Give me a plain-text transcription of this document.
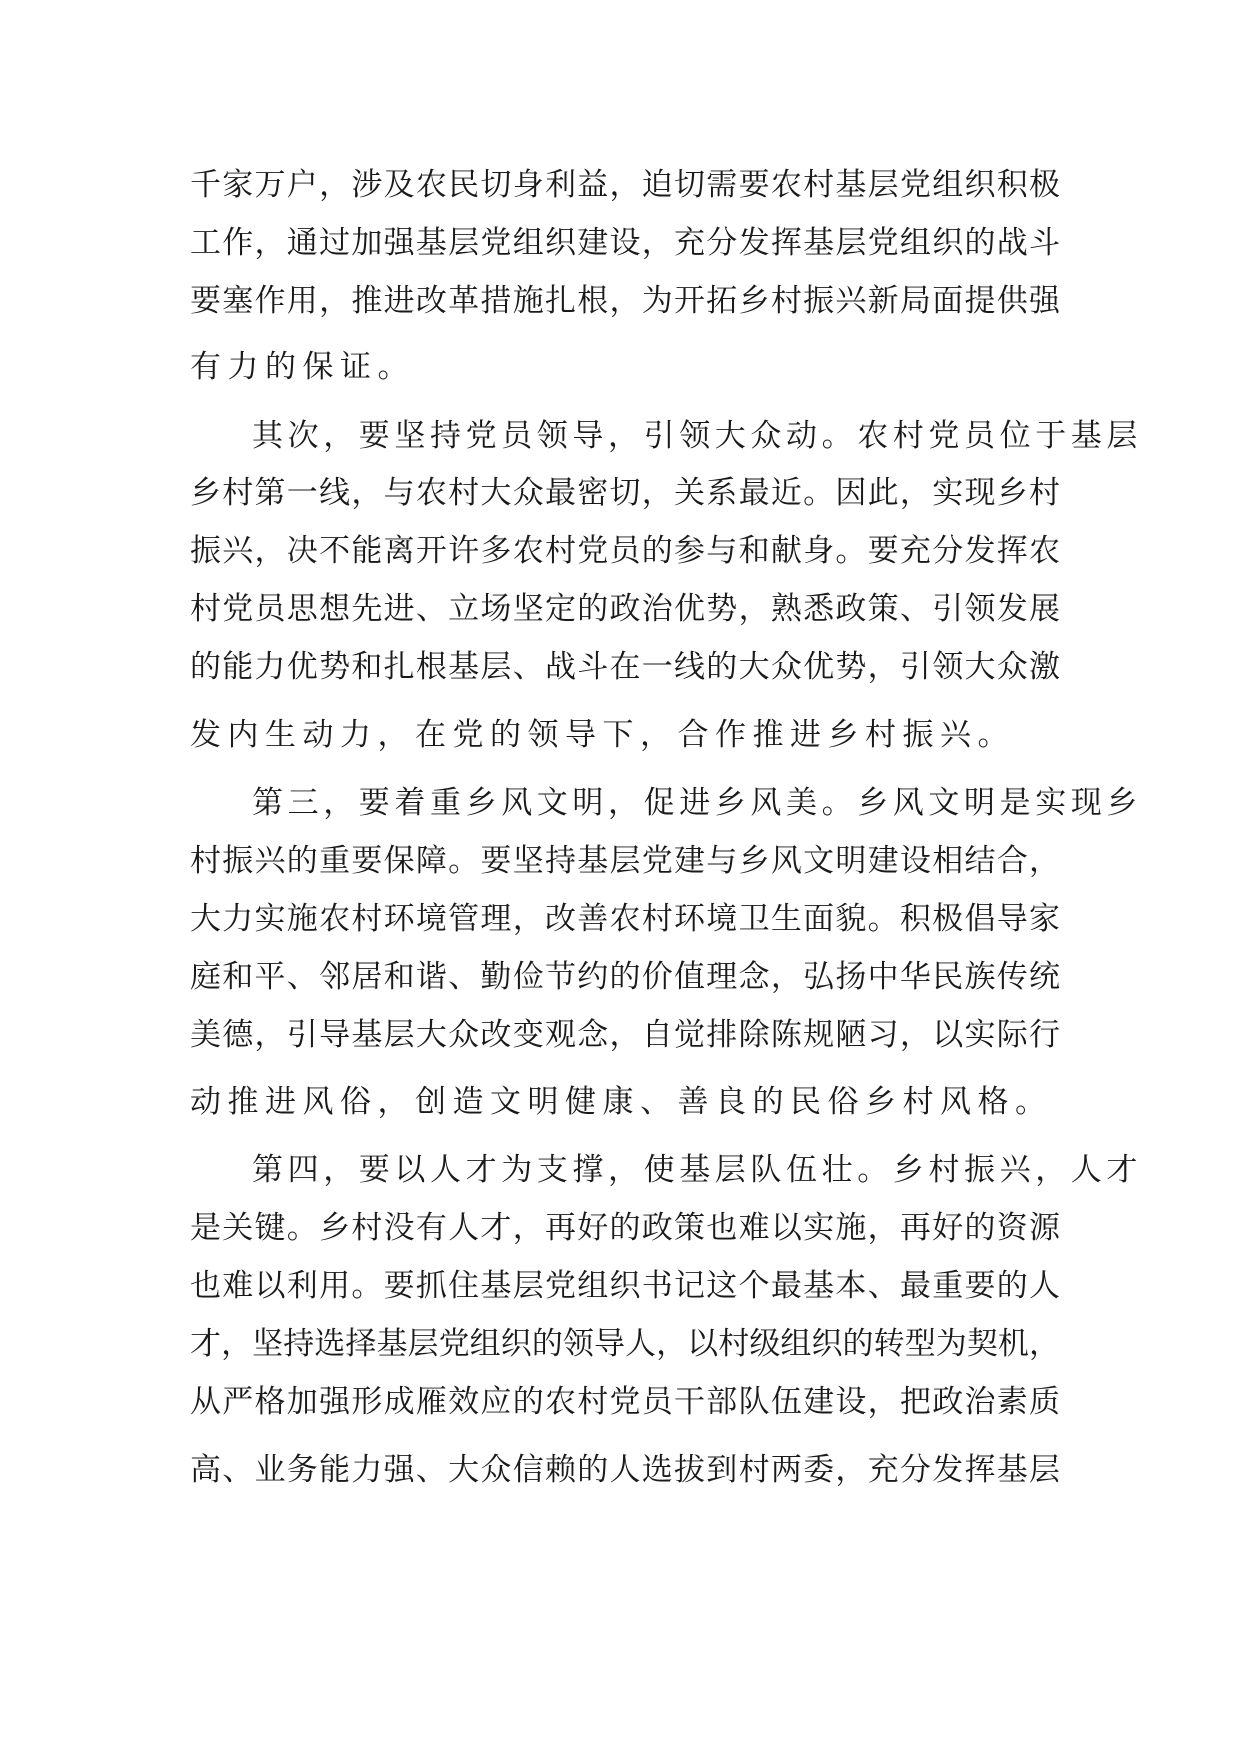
千家万户，涉及农民切身利益，迫切需要农村基层党组织积极
工作，通过加强基层党组织建设，充分发挥基层党组织的战斗
要塞作用，推进改革措施扎根，为开拓乡村振兴新局面提供强
有力的保证。
其次，要坚持党员领导，引领大众动。农村党员位于基层
乡村第一线，与农村大众最密切，关系最近。因此，实现乡村
振兴，决不能离开许多农村党员的参与和献身。要充分发挥农
村党员思想先进、立场坚定的政治优势，熟悉政策、引领发展
的能力优势和扎根基层、战斗在一线的大众优势，引领大众激
发内生动力，在党的领导下，合作推进乡村振兴。
第三，要着重乡风文明，促进乡风美。乡风文明是实现乡
村振兴的重要保障。要坚持基层党建与乡风文明建设相结合，
大力实施农村环境管理，改善农村环境卫生面貌。积极倡导家
庭和平、邻居和谐、勤俭节约的价值理念，弘扬中华民族传统
美德，引导基层大众改变观念，自觉排除陈规陋习，以实际行
动推进风俗，创造文明健康、善良的民俗乡村风格。
第四，要以人才为支撑，使基层队伍壮。乡村振兴，人才
是关键。乡村没有人才，再好的政策也难以实施，再好的资源
也难以利用。要抓住基层党组织书记这个最基本、最重要的人
才，坚持选择基层党组织的领导人，以村级组织的转型为契机，
从严格加强形成雁效应的农村党员干部队伍建设，把政治素质
高、业务能力强、大众信赖的人选拔到村两委，充分发挥基层
